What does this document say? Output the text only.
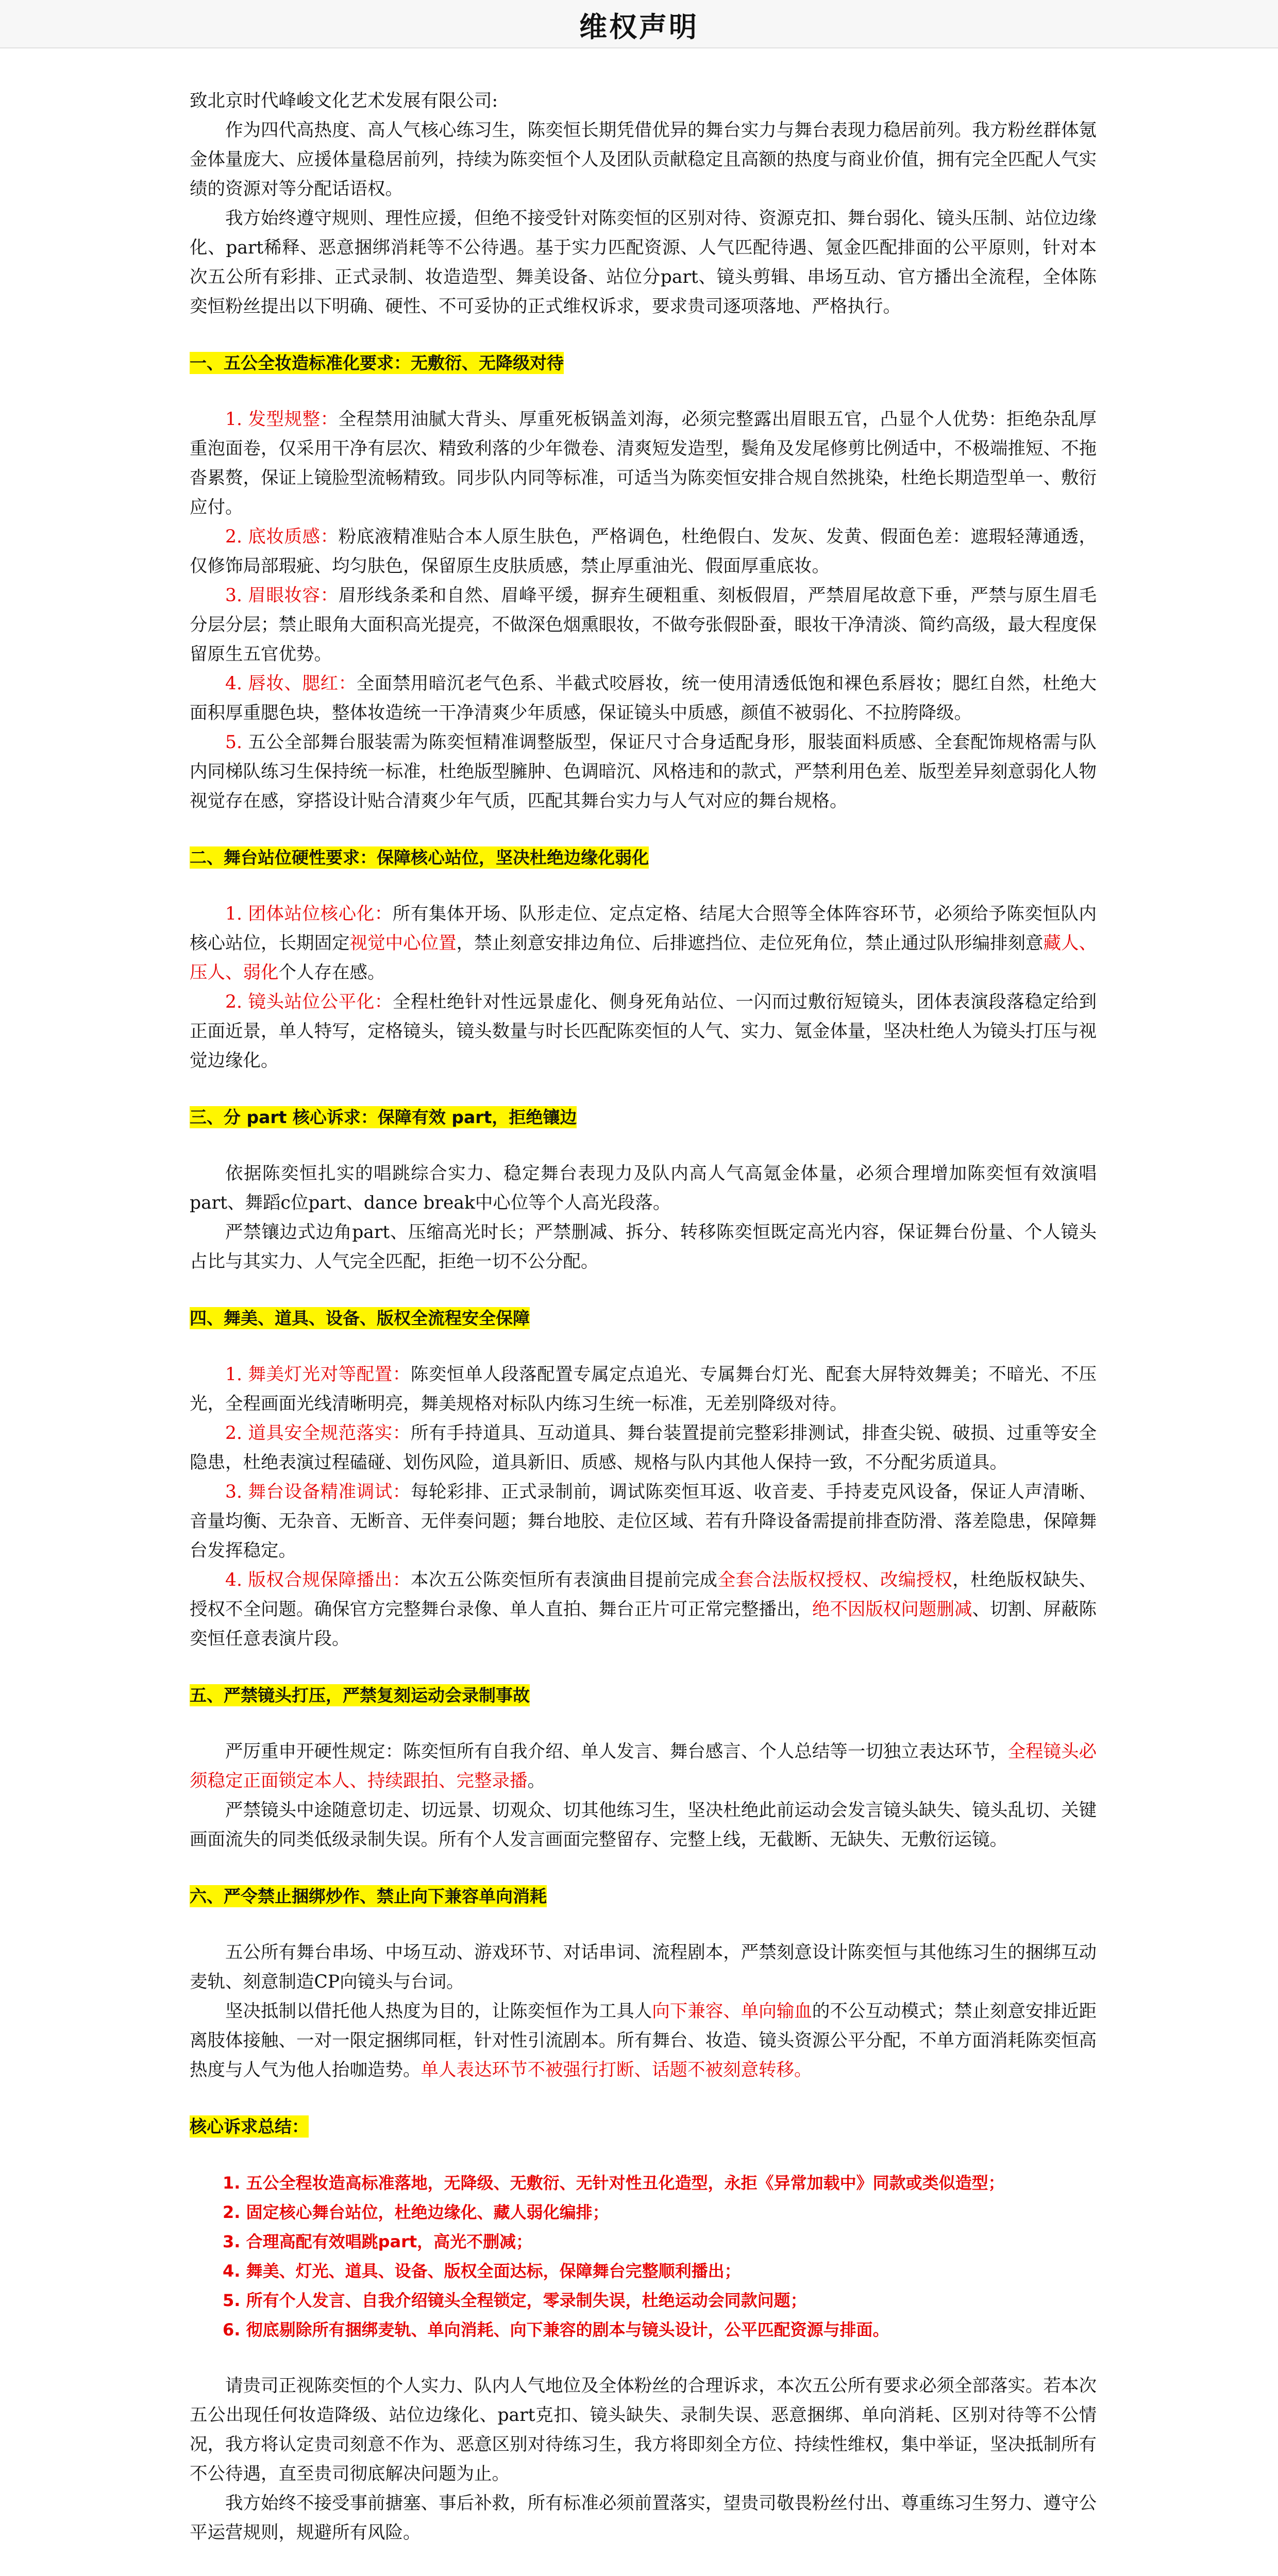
维权声明

致北京时代峰峻文化艺术发展有限公司:

作为四代高热度、高人气核心练习生，陈奕恒长期凭借优异的舞台实力与舞台表现力稳居前列。我方粉丝群体氪金体量庞大、应援体量稳居前列，持续为陈奕恒个人及团队贡献稳定且高额的热度与商业价值，拥有完全匹配人气实绩的资源对等分配话语权。

我方始终遵守规则、理性应援，但绝不接受针对陈奕恒的区别对待、资源克扣、舞台弱化、镜头压制、站位边缘化、part稀释、恶意捆绑消耗等不公待遇。基于实力匹配资源、人气匹配待遇、氪金匹配排面的公平原则，针对本次五公所有彩排、正式录制、妆造造型、舞美设备、站位分part、镜头剪辑、串场互动、官方播出全流程，全体陈奕恒粉丝提出以下明确、硬性、不可妥协的正式维权诉求，要求贵司逐项落地、严格执行。

一、五公全妆造标准化要求：无敷衍、无降级对待

1. 发型规整：全程禁用油腻大背头、厚重死板锅盖刘海，必须完整露出眉眼五官，凸显个人优势：拒绝杂乱厚重泡面卷，仅采用干净有层次、精致利落的少年微卷、清爽短发造型，鬓角及发尾修剪比例适中，不极端推短、不拖沓累赘，保证上镜脸型流畅精致。同步队内同等标准，可适当为陈奕恒安排合规自然挑染，杜绝长期造型单一、敷衍应付。

2. 底妆质感：粉底液精准贴合本人原生肤色，严格调色，杜绝假白、发灰、发黄、假面色差：遮瑕轻薄通透，仅修饰局部瑕疵、均匀肤色，保留原生皮肤质感，禁止厚重油光、假面厚重底妆。

3. 眉眼妆容：眉形线条柔和自然、眉峰平缓，摒弃生硬粗重、刻板假眉，严禁眉尾故意下垂，严禁与原生眉毛分层分层；禁止眼角大面积高光提亮，不做深色烟熏眼妆，不做夸张假卧蚕，眼妆干净清淡、简约高级，最大程度保留原生五官优势。

4. 唇妆、腮红：全面禁用暗沉老气色系、半截式咬唇妆，统一使用清透低饱和裸色系唇妆；腮红自然，杜绝大面积厚重腮色块，整体妆造统一干净清爽少年质感，保证镜头中质感，颜值不被弱化、不拉胯降级。

5. 五公全部舞台服装需为陈奕恒精准调整版型，保证尺寸合身适配身形，服装面料质感、全套配饰规格需与队内同梯队练习生保持统一标准，杜绝版型臃肿、色调暗沉、风格违和的款式，严禁利用色差、版型差异刻意弱化人物视觉存在感，穿搭设计贴合清爽少年气质，匹配其舞台实力与人气对应的舞台规格。

二、舞台站位硬性要求：保障核心站位，坚决杜绝边缘化弱化

1. 团体站位核心化：所有集体开场、队形走位、定点定格、结尾大合照等全体阵容环节，必须给予陈奕恒队内核心站位，长期固定视觉中心位置，禁止刻意安排边角位、后排遮挡位、走位死角位，禁止通过队形编排刻意藏人、压人、弱化个人存在感。

2. 镜头站位公平化：全程杜绝针对性远景虚化、侧身死角站位、一闪而过敷衍短镜头，团体表演段落稳定给到正面近景，单人特写，定格镜头，镜头数量与时长匹配陈奕恒的人气、实力、氪金体量，坚决杜绝人为镜头打压与视觉边缘化。

三、分 part 核心诉求：保障有效 part，拒绝镶边

依据陈奕恒扎实的唱跳综合实力、稳定舞台表现力及队内高人气高氪金体量，必须合理增加陈奕恒有效演唱part、舞蹈c位part、dance break中心位等个人高光段落。

严禁镶边式边角part、压缩高光时长；严禁删减、拆分、转移陈奕恒既定高光内容，保证舞台份量、个人镜头占比与其实力、人气完全匹配，拒绝一切不公分配。

四、舞美、道具、设备、版权全流程安全保障

1. 舞美灯光对等配置：陈奕恒单人段落配置专属定点追光、专属舞台灯光、配套大屏特效舞美；不暗光、不压光，全程画面光线清晰明亮，舞美规格对标队内练习生统一标准，无差别降级对待。

2. 道具安全规范落实：所有手持道具、互动道具、舞台装置提前完整彩排测试，排查尖锐、破损、过重等安全隐患，杜绝表演过程磕碰、划伤风险，道具新旧、质感、规格与队内其他人保持一致，不分配劣质道具。

3. 舞台设备精准调试：每轮彩排、正式录制前，调试陈奕恒耳返、收音麦、手持麦克风设备，保证人声清晰、音量均衡、无杂音、无断音、无伴奏问题；舞台地胶、走位区域、若有升降设备需提前排查防滑、落差隐患，保障舞台发挥稳定。

4. 版权合规保障播出：本次五公陈奕恒所有表演曲目提前完成全套合法版权授权、改编授权，杜绝版权缺失、授权不全问题。确保官方完整舞台录像、单人直拍、舞台正片可正常完整播出，绝不因版权问题删减、切割、屏蔽陈奕恒任意表演片段。

五、严禁镜头打压，严禁复刻运动会录制事故

严厉重申开硬性规定：陈奕恒所有自我介绍、单人发言、舞台感言、个人总结等一切独立表达环节，全程镜头必须稳定正面锁定本人、持续跟拍、完整录播。

严禁镜头中途随意切走、切远景、切观众、切其他练习生，坚决杜绝此前运动会发言镜头缺失、镜头乱切、关键画面流失的同类低级录制失误。所有个人发言画面完整留存、完整上线，无截断、无缺失、无敷衍运镜。

六、严令禁止捆绑炒作、禁止向下兼容单向消耗

五公所有舞台串场、中场互动、游戏环节、对话串词、流程剧本，严禁刻意设计陈奕恒与其他练习生的捆绑互动麦轨、刻意制造CP向镜头与台词。

坚决抵制以借托他人热度为目的，让陈奕恒作为工具人向下兼容、单向输血的不公互动模式；禁止刻意安排近距离肢体接触、一对一限定捆绑同框，针对性引流剧本。所有舞台、妆造、镜头资源公平分配，不单方面消耗陈奕恒高热度与人气为他人抬咖造势。单人表达环节不被强行打断、话题不被刻意转移。

核心诉求总结：

1. 五公全程妆造高标准落地，无降级、无敷衍、无针对性丑化造型，永拒《异常加载中》同款或类似造型；

2. 固定核心舞台站位，杜绝边缘化、藏人弱化编排；

3. 合理高配有效唱跳part，高光不删减；

4. 舞美、灯光、道具、设备、版权全面达标，保障舞台完整顺利播出；

5. 所有个人发言、自我介绍镜头全程锁定，零录制失误，杜绝运动会同款问题；

6. 彻底剔除所有捆绑麦轨、单向消耗、向下兼容的剧本与镜头设计，公平匹配资源与排面。

请贵司正视陈奕恒的个人实力、队内人气地位及全体粉丝的合理诉求，本次五公所有要求必须全部落实。若本次五公出现任何妆造降级、站位边缘化、part克扣、镜头缺失、录制失误、恶意捆绑、单向消耗、区别对待等不公情况，我方将认定贵司刻意不作为、恶意区别对待练习生，我方将即刻全方位、持续性维权，集中举证，坚决抵制所有不公待遇，直至贵司彻底解决问题为止。

我方始终不接受事前搪塞、事后补救，所有标准必须前置落实，望贵司敬畏粉丝付出、尊重练习生努力、遵守公平运营规则，规避所有风险。
